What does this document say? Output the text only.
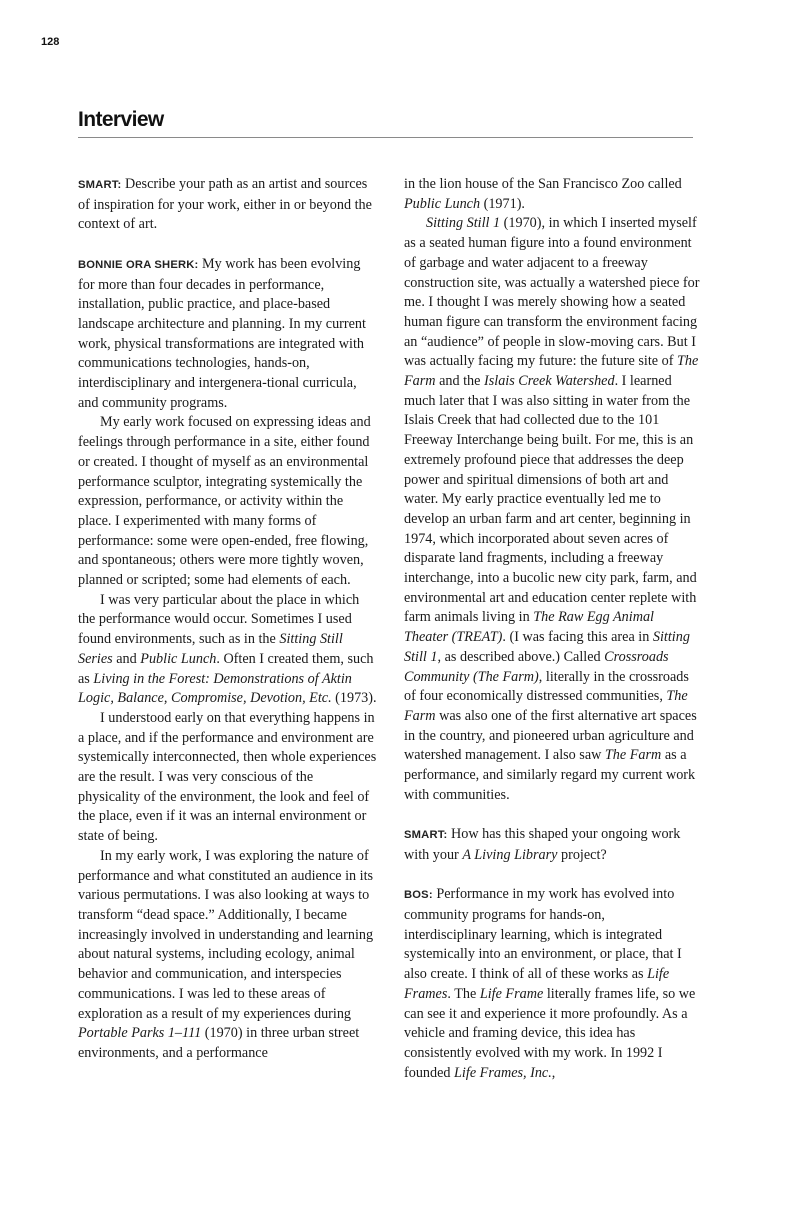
128
Interview

SMART: Describe your path as an artist and sources of inspiration for your work, either in or beyond the context of art.

BONNIE ORA SHERK: My work has been evolving for more than four decades in performance, installation, public practice, and place-based landscape architecture and planning. In my current work, physical transformations are integrated with communications technologies, hands-on, interdisciplinary and intergenera-tional curricula, and community programs.

My early work focused on expressing ideas and feelings through performance in a site, either found or created. I thought of myself as an environmental performance sculptor, integrating systemically the expression, performance, or activity within the place. I experimented with many forms of performance: some were open-ended, free flowing, and spontaneous; others were more tightly woven, planned or scripted; some had elements of each.

I was very particular about the place in which the performance would occur. Sometimes I used found environments, such as in the Sitting Still Series and Public Lunch. Often I created them, such as Living in the Forest: Demonstrations of Aktin Logic, Balance, Compromise, Devotion, Etc. (1973).

I understood early on that everything happens in a place, and if the performance and environment are systemically interconnected, then whole experiences are the result. I was very conscious of the physicality of the environment, the look and feel of the place, even if it was an internal environment or state of being.

In my early work, I was exploring the nature of performance and what constituted an audience in its various permutations. I was also looking at ways to transform “dead space.” Additionally, I became increasingly involved in understanding and learning about natural systems, including ecology, animal behavior and communication, and interspecies communications. I was led to these areas of exploration as a result of my experiences during Portable Parks 1–111 (1970) in three urban street environments, and a performance

in the lion house of the San Francisco Zoo called Public Lunch (1971).

Sitting Still 1 (1970), in which I inserted myself as a seated human figure into a found environment of garbage and water adjacent to a freeway construction site, was actually a watershed piece for me. I thought I was merely showing how a seated human figure can transform the environment facing an “audience” of people in slow-moving cars. But I was actually facing my future: the future site of The Farm and the Islais Creek Watershed. I learned much later that I was also sitting in water from the Islais Creek that had collected due to the 101 Freeway Interchange being built. For me, this is an extremely profound piece that addresses the deep power and spiritual dimensions of both art and water. My early practice eventually led me to develop an urban farm and art center, beginning in 1974, which incorporated about seven acres of disparate land fragments, including a freeway interchange, into a bucolic new city park, farm, and environmental art and education center replete with farm animals living in The Raw Egg Animal Theater (TREAT). (I was facing this area in Sitting Still 1, as described above.) Called Crossroads Community (The Farm), literally in the crossroads of four economically distressed communities, The Farm was also one of the first alternative art spaces in the country, and pioneered urban agriculture and watershed management. I also saw The Farm as a performance, and similarly regard my current work with communities.

SMART: How has this shaped your ongoing work with your A Living Library project?

BOS: Performance in my work has evolved into community programs for hands-on, interdisciplinary learning, which is integrated systemically into an environment, or place, that I also create. I think of all of these works as Life Frames. The Life Frame literally frames life, so we can see it and experience it more profoundly. As a vehicle and framing device, this idea has consistently evolved with my work. In 1992 I founded Life Frames, Inc.,
